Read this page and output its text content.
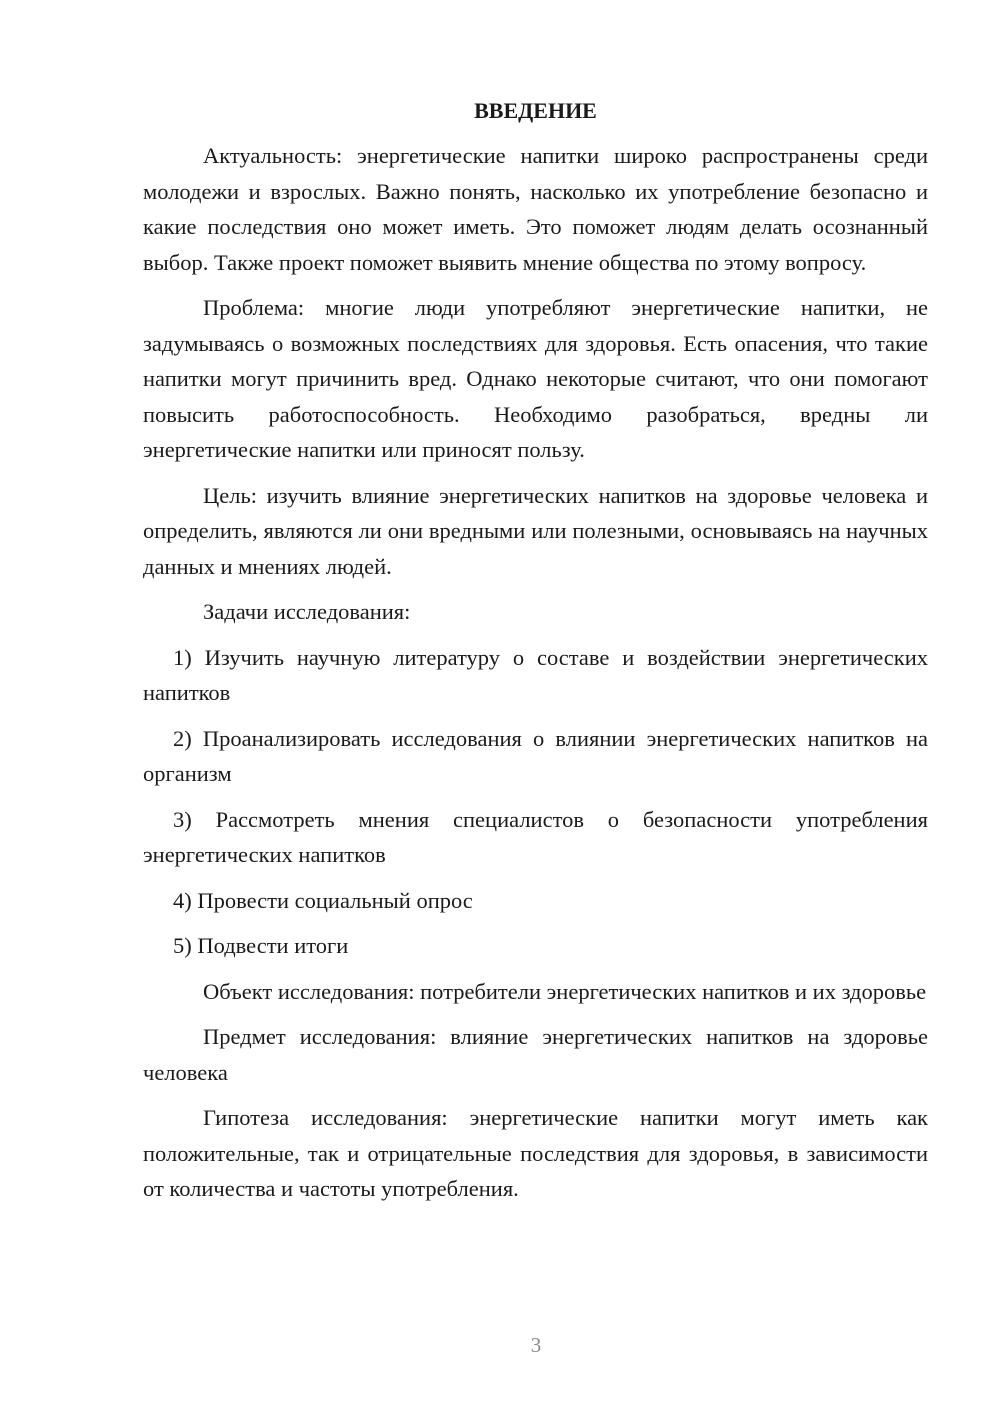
ВВЕДЕНИЕ

Актуальность: энергетические напитки широко распространены среди молодежи и взрослых. Важно понять, насколько их употребление безопасно и какие последствия оно может иметь. Это поможет людям делать осознанный выбор. Также проект поможет выявить мнение общества по этому вопросу.

Проблема: многие люди употребляют энергетические напитки, не задумываясь о возможных последствиях для здоровья. Есть опасения, что такие напитки могут причинить вред. Однако некоторые считают, что они помогают повысить работоспособность. Необходимо разобраться, вредны ли энергетические напитки или приносят пользу.

Цель: изучить влияние энергетических напитков на здоровье человека и определить, являются ли они вредными или полезными, основываясь на научных данных и мнениях людей.

Задачи исследования:

1) Изучить научную литературу о составе и воздействии энергетических напитков

2) Проанализировать исследования о влиянии энергетических напитков на организм

3) Рассмотреть мнения специалистов о безопасности употребления энергетических напитков

4) Провести социальный опрос

5) Подвести итоги

Объект исследования: потребители энергетических напитков и их здоровье

Предмет исследования: влияние энергетических напитков на здоровье человека

Гипотеза исследования: энергетические напитки могут иметь как положительные, так и отрицательные последствия для здоровья, в зависимости от количества и частоты употребления.

3
